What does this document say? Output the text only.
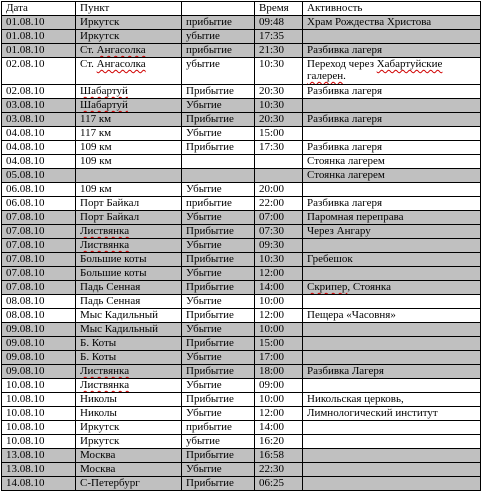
Дата	Пункт		Время	Активность
01.08.10	Иркутск	прибытие	09:48	Храм Рождества Христова
01.08.10	Иркутск	убытие	17:35	
01.08.10	Ст. Ангасолка	прибытие	21:30	Разбивка лагеря
02.08.10	Ст. Ангасолка	убытие	10:30	Переход через Хабартуйские галерен.
02.08.10	Шабартуй	Прибытие	20:30	Разбивка лагеря
03.08.10	Шабартуй	Убытие	10:30	
03.08.10	117 км	Прибытие	20:30	Разбивка лагеря
04.08.10	117 км	Убытие	15:00	
04.08.10	109 км	Прибытие	17:30	Разбивка лагеря
04.08.10	109 км			Стоянка лагерем
05.08.10				Стоянка лагерем
06.08.10	109 км	Убытие	20:00	
06.08.10	Порт Байкал	прибытие	22:00	Разбивка лагеря
07.08.10	Порт Байкал	Убытие	07:00	Паромная переправа
07.08.10	Листвянка	Прибытие	07:30	Через Ангару
07.08.10	Листвянка	Убытие	09:30	
07.08.10	Большие коты	Прибытие	10:30	Гребешок
07.08.10	Большие коты	Убытие	12:00	
07.08.10	Падь Сенная	Прибытие	14:00	Скрипер, Стоянка
08.08.10	Падь Сенная	Убытие	10:00	
08.08.10	Мыс Кадильный	Прибытие	12:00	Пещера «Часовня»
09.08.10	Мыс Кадильный	Убытие	10:00	
09.08.10	Б. Коты	Прибытие	15:00	
09.08.10	Б. Коты	Убытие	17:00	
09.08.10	Листвянка	Прибытие	18:00	Разбивка Лагеря
10.08.10	Листвянка	Убытие	09:00	
10.08.10	Николы	Прибытие	10:00	Никольская церковь,
10.08.10	Николы	Убытие	12:00	Лимнологический институт
10.08.10	Иркутск	прибытие	14:00	
10.08.10	Иркутск	убытие	16:20	
13.08.10	Москва	Прибытие	16:58	
13.08.10	Москва	Убытие	22:30	
14.08.10	С-Петербург	Прибытие	06:25	
